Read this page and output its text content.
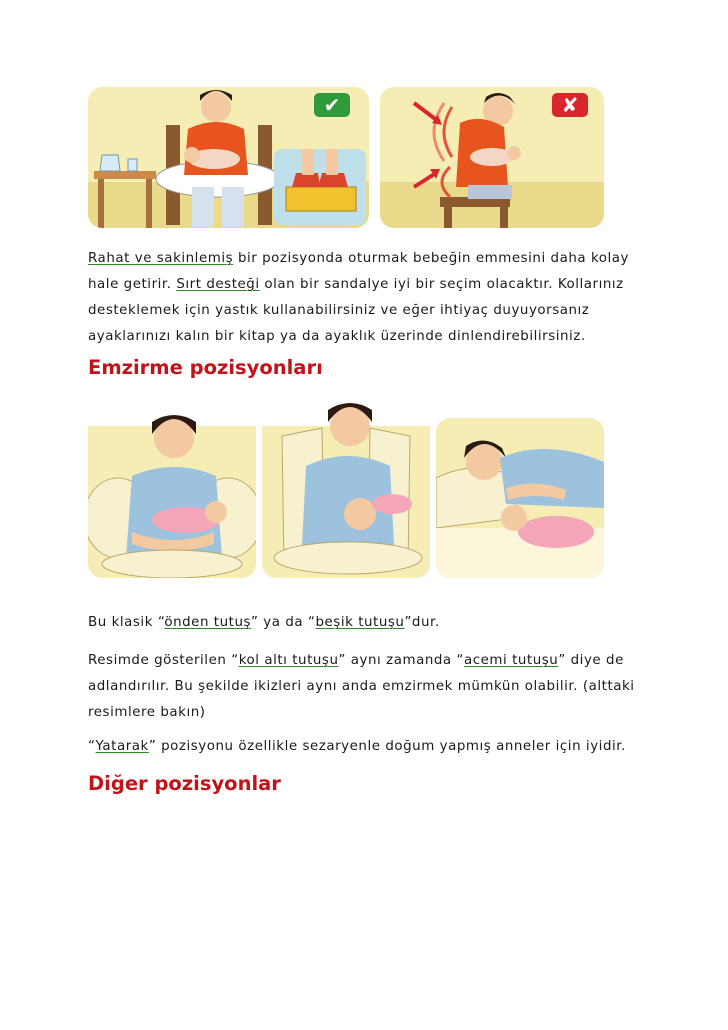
✔	✘

Rahat ve sakinlemiş bir pozisyonda oturmak bebeğin emmesini daha kolay hale getirir. Sırt desteği olan bir sandalye iyi bir seçim olacaktır. Kollarınız desteklemek için yastık kullanabilirsiniz ve eğer ihtiyaç duyuyorsanız ayaklarınızı kalın bir kitap ya da ayaklık üzerinde dinlendirebilirsiniz.

Emzirme pozisyonları

Bu klasik “önden tutuş” ya da “beşik tutuşu”dur.

Resimde gösterilen “kol altı tutuşu” aynı zamanda “acemi tutuşu” diye de adlandırılır. Bu şekilde ikizleri aynı anda emzirmek mümkün olabilir. (alttaki resimlere bakın)

“Yatarak” pozisyonu özellikle sezaryenle doğum yapmış anneler için iyidir.

Diğer pozisyonlar
